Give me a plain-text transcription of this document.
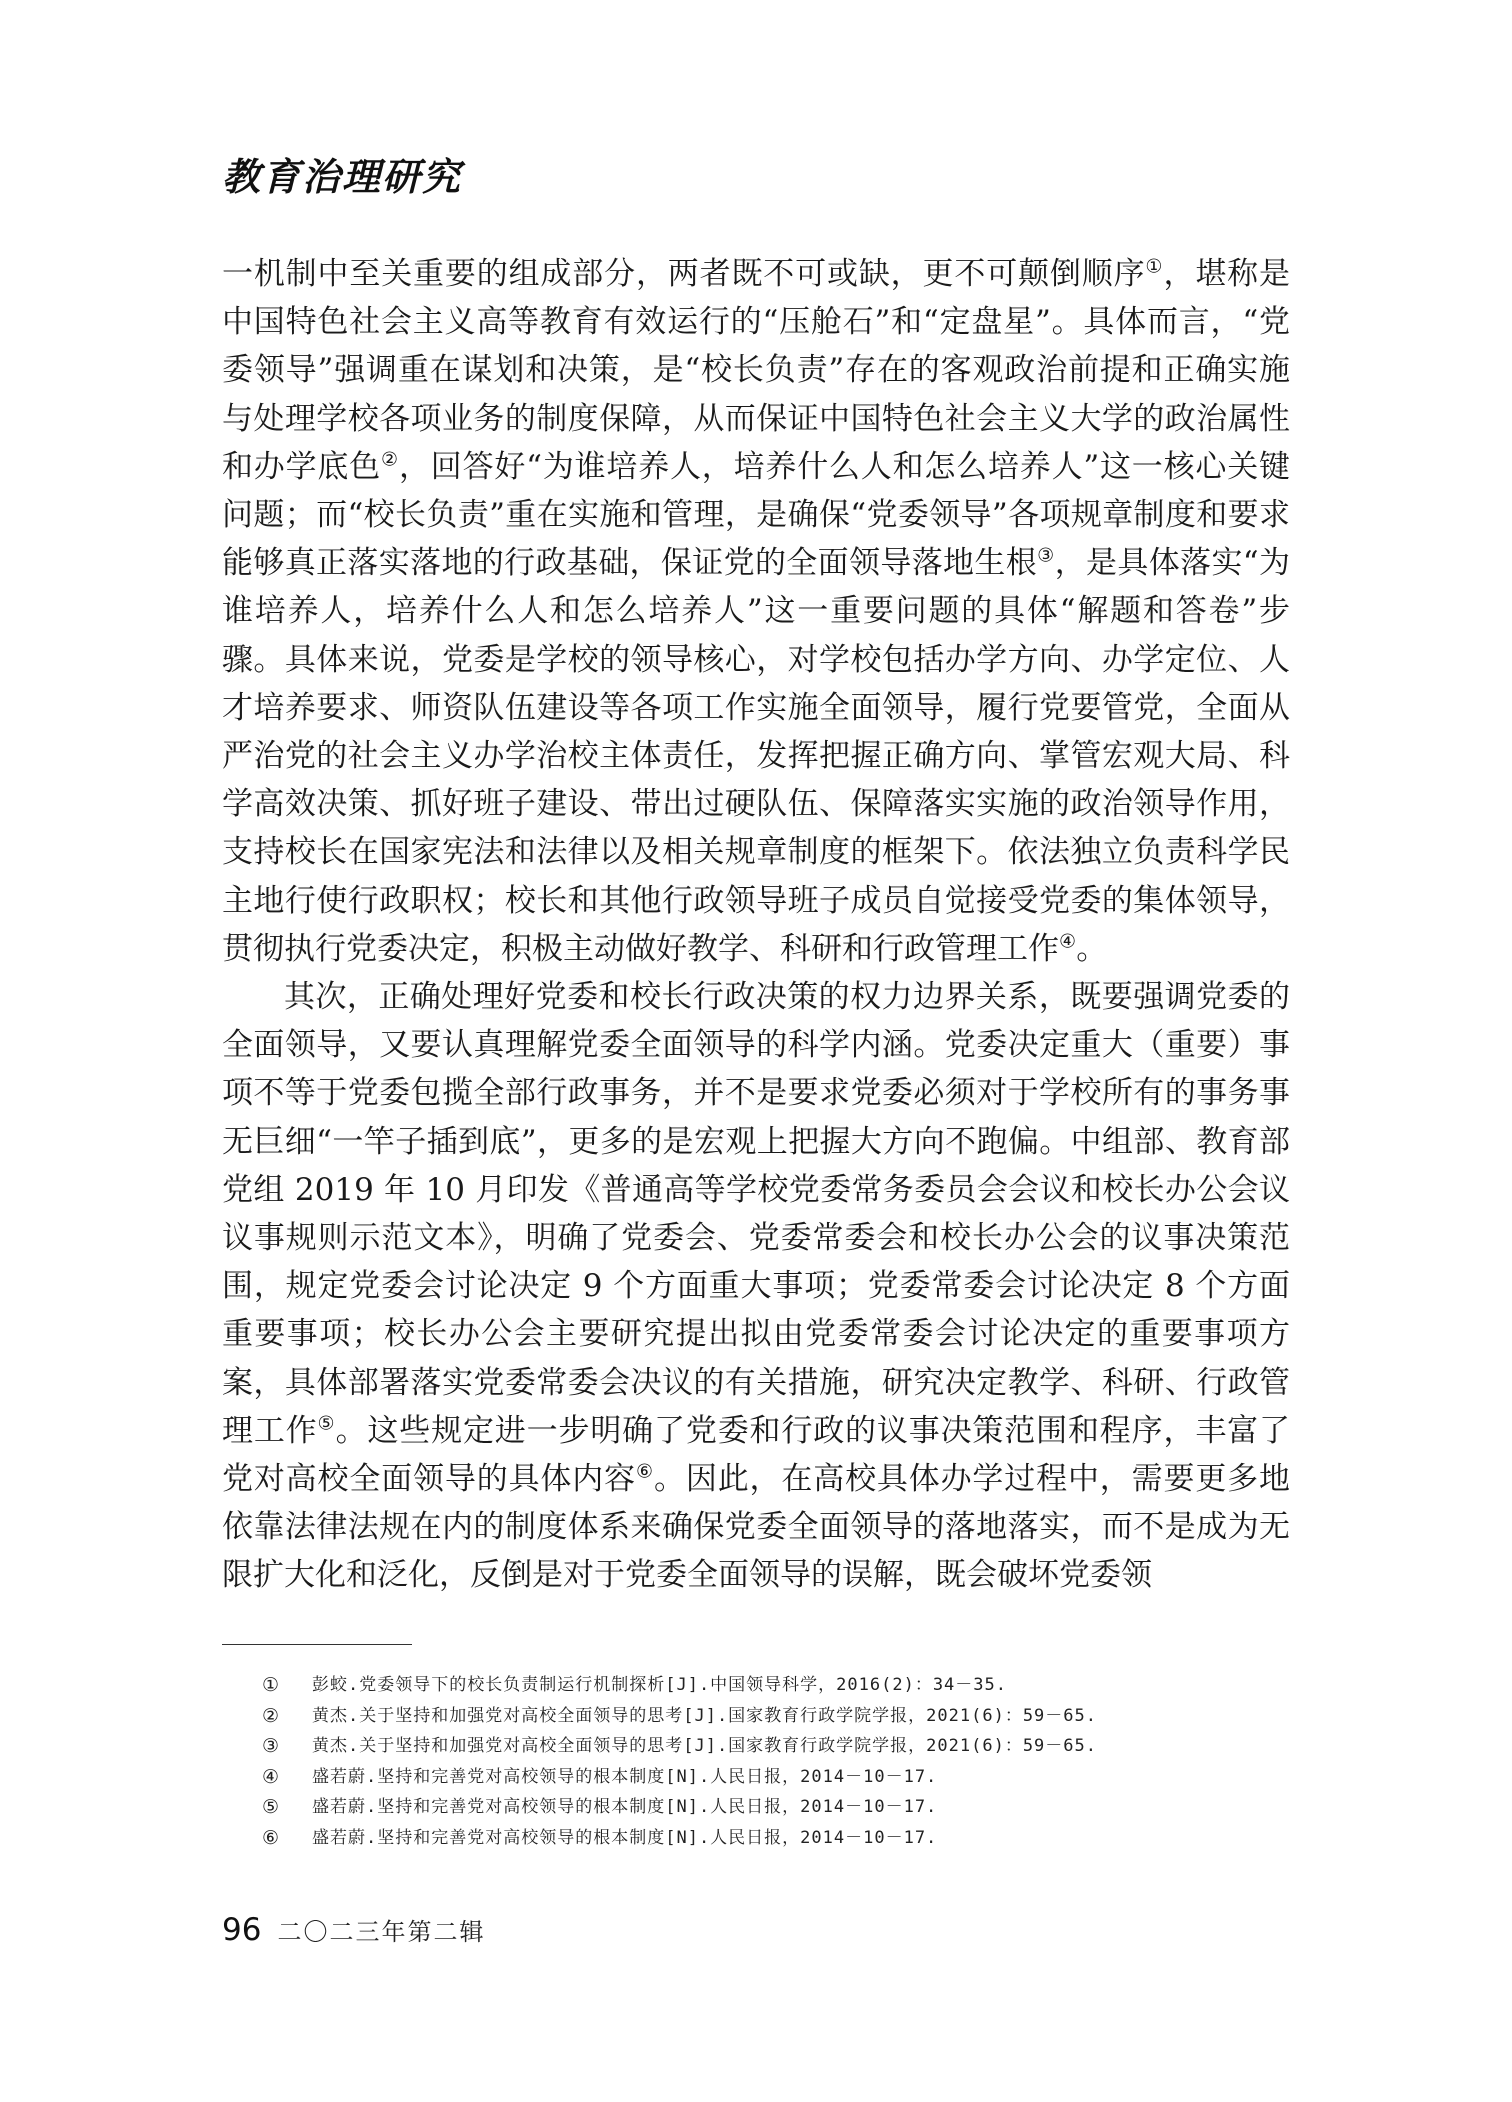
教育治理研究

一机制中至关重要的组成部分，两者既不可或缺，更不可颠倒顺序①，堪称是中国特色社会主义高等教育有效运行的“压舱石”和“定盘星”。具体而言，“党委领导”强调重在谋划和决策，是“校长负责”存在的客观政治前提和正确实施与处理学校各项业务的制度保障，从而保证中国特色社会主义大学的政治属性和办学底色②，回答好“为谁培养人，培养什么人和怎么培养人”这一核心关键问题；而“校长负责”重在实施和管理，是确保“党委领导”各项规章制度和要求能够真正落实落地的行政基础，保证党的全面领导落地生根③，是具体落实“为谁培养人，培养什么人和怎么培养人”这一重要问题的具体“解题和答卷”步骤。具体来说，党委是学校的领导核心，对学校包括办学方向、办学定位、人才培养要求、师资队伍建设等各项工作实施全面领导，履行党要管党，全面从严治党的社会主义办学治校主体责任，发挥把握正确方向、掌管宏观大局、科学高效决策、抓好班子建设、带出过硬队伍、保障落实实施的政治领导作用，支持校长在国家宪法和法律以及相关规章制度的框架下。依法独立负责科学民主地行使行政职权；校长和其他行政领导班子成员自觉接受党委的集体领导，贯彻执行党委决定，积极主动做好教学、科研和行政管理工作④。

其次，正确处理好党委和校长行政决策的权力边界关系，既要强调党委的全面领导，又要认真理解党委全面领导的科学内涵。党委决定重大（重要）事项不等于党委包揽全部行政事务，并不是要求党委必须对于学校所有的事务事无巨细“一竿子插到底”，更多的是宏观上把握大方向不跑偏。中组部、教育部党组 2019 年 10 月印发《普通高等学校党委常务委员会会议和校长办公会议议事规则示范文本》，明确了党委会、党委常委会和校长办公会的议事决策范围，规定党委会讨论决定 9 个方面重大事项；党委常委会讨论决定 8 个方面重要事项；校长办公会主要研究提出拟由党委常委会讨论决定的重要事项方案，具体部署落实党委常委会决议的有关措施，研究决定教学、科研、行政管理工作⑤。这些规定进一步明确了党委和行政的议事决策范围和程序，丰富了党对高校全面领导的具体内容⑥。因此，在高校具体办学过程中，需要更多地依靠法律法规在内的制度体系来确保党委全面领导的落地落实，而不是成为无限扩大化和泛化，反倒是对于党委全面领导的误解，既会破坏党委领

①	彭蛟.党委领导下的校长负责制运行机制探析[J].中国领导科学，2016(2)：34－35.
②	黄杰.关于坚持和加强党对高校全面领导的思考[J].国家教育行政学院学报，2021(6)：59－65.
③	黄杰.关于坚持和加强党对高校全面领导的思考[J].国家教育行政学院学报，2021(6)：59－65.
④	盛若蔚.坚持和完善党对高校领导的根本制度[N].人民日报，2014－10－17.
⑤	盛若蔚.坚持和完善党对高校领导的根本制度[N].人民日报，2014－10－17.
⑥	盛若蔚.坚持和完善党对高校领导的根本制度[N].人民日报，2014－10－17.
96 二〇二三年第二辑
